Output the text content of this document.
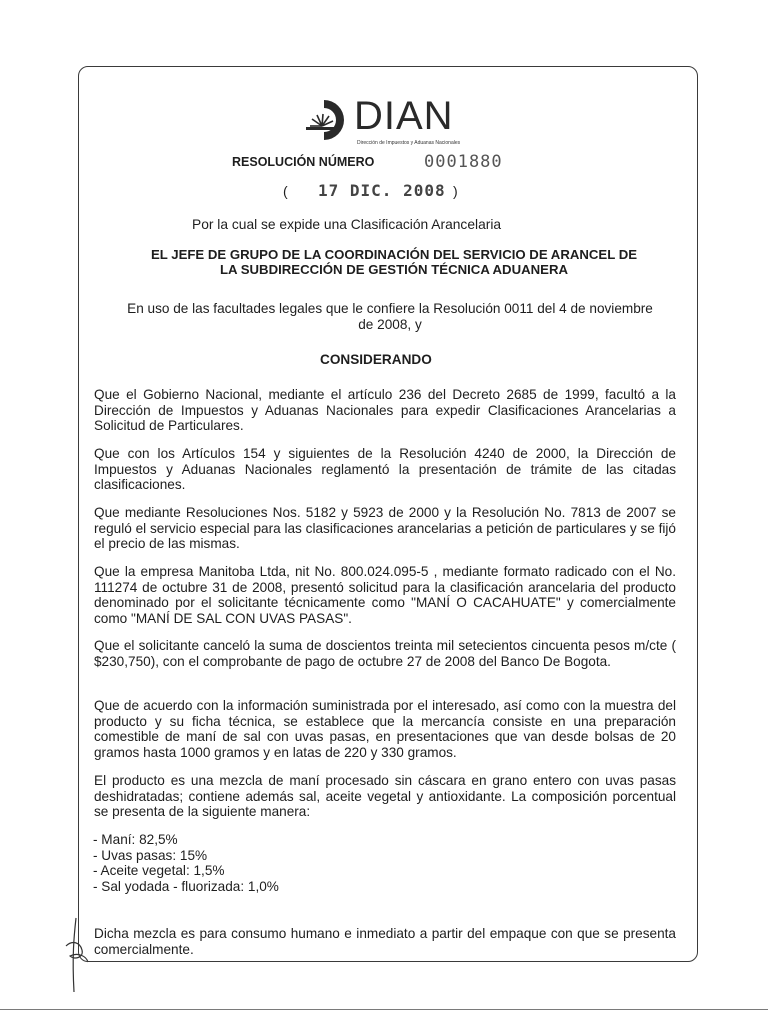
DIAN
Dirección de Impuestos y Aduanas Nacionales
RESOLUCIÓN NÚMERO	0001880
( 17 DIC. 2008 )
Por la cual se expide una Clasificación Arancelaria
EL JEFE DE GRUPO DE LA COORDINACIÓN DEL SERVICIO DE ARANCEL DE
LA SUBDIRECCIÓN DE GESTIÓN TÉCNICA ADUANERA
En uso de las facultades legales que le confiere la Resolución 0011 del 4 de noviembre
de 2008, y
CONSIDERANDO
Que el Gobierno Nacional, mediante el artículo 236 del Decreto 2685 de 1999, facultó a la Dirección de Impuestos y Aduanas Nacionales para expedir Clasificaciones Arancelarias a Solicitud de Particulares.
Que con los Artículos 154 y siguientes de la Resolución 4240 de 2000, la Dirección de Impuestos y Aduanas Nacionales reglamentó la presentación de trámite de las citadas clasificaciones.
Que mediante Resoluciones Nos. 5182 y 5923 de 2000 y la Resolución No. 7813 de 2007 se reguló el servicio especial para las clasificaciones arancelarias a petición de particulares y se fijó el precio de las mismas.
Que la empresa Manitoba Ltda, nit No. 800.024.095-5 , mediante formato radicado con el No. 111274 de octubre 31 de 2008, presentó solicitud para la clasificación arancelaria del producto denominado por el solicitante técnicamente como "MANÍ O CACAHUATE" y comercialmente como "MANÍ DE SAL CON UVAS PASAS".
Que el solicitante canceló la suma de doscientos treinta mil setecientos cincuenta pesos m/cte ( $230,750), con el comprobante de pago de octubre 27 de 2008 del Banco De Bogota.
Que de acuerdo con la información suministrada por el interesado, así como con la muestra del producto y su ficha técnica, se establece que la mercancía consiste en una preparación comestible de maní de sal con uvas pasas, en presentaciones que van desde bolsas de 20 gramos hasta 1000 gramos y en latas de 220 y 330 gramos.
El producto es una mezcla de maní procesado sin cáscara en grano entero con uvas pasas deshidratadas; contiene además sal, aceite vegetal y antioxidante. La composición porcentual se presenta de la siguiente manera:
- Maní: 82,5%
- Uvas pasas: 15%
- Aceite vegetal: 1,5%
- Sal yodada - fluorizada: 1,0%
Dicha mezcla es para consumo humano e inmediato a partir del empaque con que se presenta comercialmente.
